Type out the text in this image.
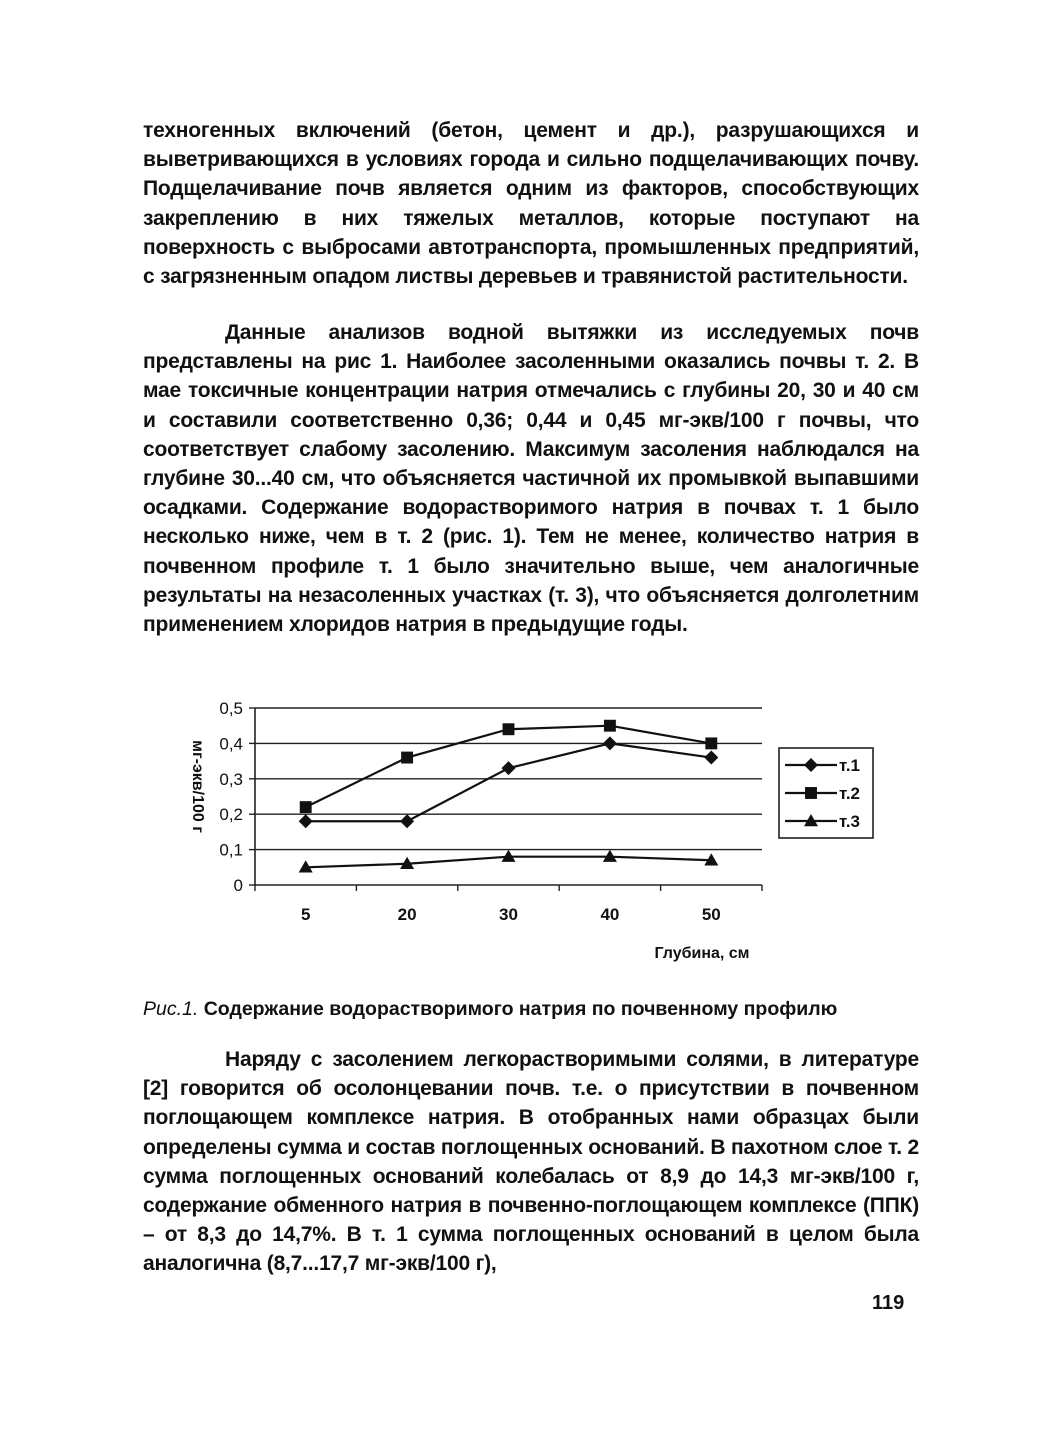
техногенных включений (бетон, цемент и др.), разрушающихся и выветривающихся в условиях города и сильно подщелачивающих почву. Подщелачивание почв является одним из факторов, способствующих закреплению в них тяжелых металлов, которые поступают на поверхность с выбросами автотранспорта, промышленных предприятий, с загрязненным опадом листвы деревьев и травянистой растительности.

Данные анализов водной вытяжки из исследуемых почв представлены на рис 1. Наиболее засоленными оказались почвы т. 2. В мае токсичные концентрации натрия отмечались с глубины 20, 30 и 40 см и составили соответственно 0,36; 0,44 и 0,45 мг-экв/100 г почвы, что соответствует слабому засолению. Максимум засоления наблюдался на глубине 30...40 см, что объясняется частичной их промывкой выпавшими осадками. Содержание водорастворимого натрия в почвах т. 1 было несколько ниже, чем в т. 2 (рис. 1). Тем не менее, количество натрия в почвенном профиле т. 1 было значительно выше, чем аналогичные результаты на незасоленных участках (т. 3), что объясняется долголетним применением хлоридов натрия в предыдущие годы.

0
0,1
0,2
0,3
0,4
0,5
5	20	30	40	50
Глубина, см
мг-экв/100 г	т.1
т.2
т.3

Рис.1. Содержание водорастворимого натрия по почвенному профилю

Наряду с засолением легкорастворимыми солями, в литературе [2] говорится об осолонцевании почв. т.е. о присутствии в почвенном поглощающем комплексе натрия. В отобранных нами образцах были определены сумма и состав поглощенных оснований. В пахотном слое т. 2 сумма поглощенных оснований колебалась от 8,9 до 14,3 мг-экв/100 г, содержание обменного натрия в почвенно-поглощающем комплексе (ППК) – от 8,3 до 14,7%. В т. 1 сумма поглощенных оснований в целом была аналогична (8,7...17,7 мг-экв/100 г),

119
